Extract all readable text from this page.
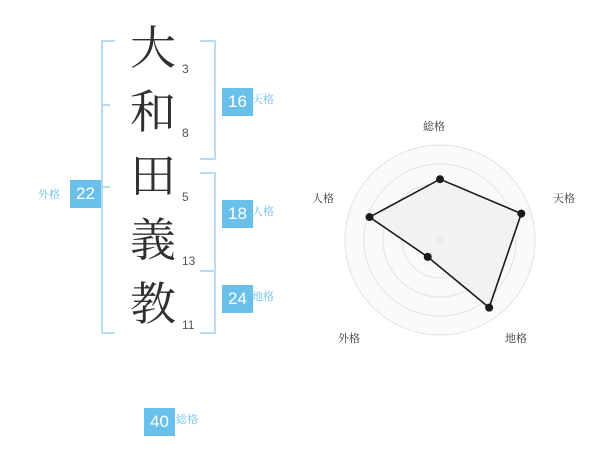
大 3
和 8
田 5
義 13
教 11
16 天格
18 人格
24 地格
外格 22
40 総格
総格
天格
地格
外格
人格
